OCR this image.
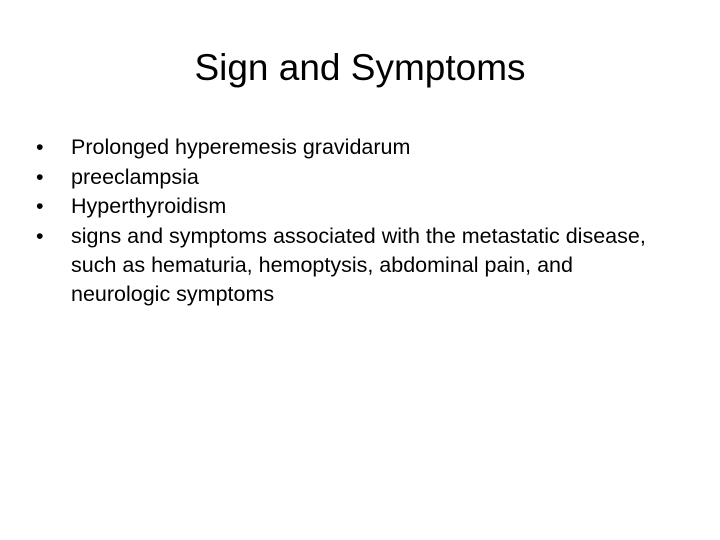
Sign and Symptoms
• Prolonged hyperemesis gravidarum
• preeclampsia
• Hyperthyroidism
• signs and symptoms associated with the metastatic disease, such as hematuria, hemoptysis, abdominal pain, and neurologic symptoms
